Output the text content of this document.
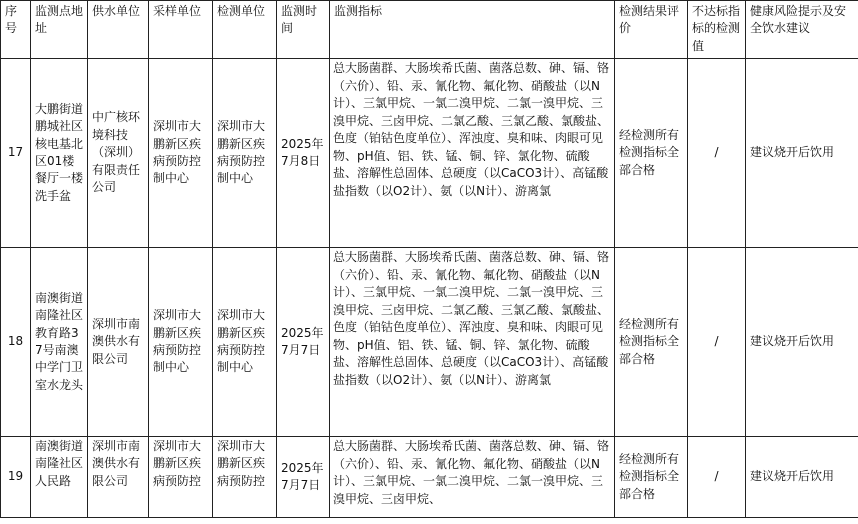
序号	监测点地址	供水单位	采样单位	检测单位	监测时间	监测指标	检测结果评价	不达标指标的检测值	健康风险提示及安全饮水建议
17	大鹏街道鹏城社区核电基北区01楼餐厅一楼洗手盆	中广核环境科技（深圳）有限责任公司	深圳市大鹏新区疾病预防控制中心	深圳市大鹏新区疾病预防控制中心	2025年7月8日	总大肠菌群、大肠埃希氏菌、菌落总数、砷、镉、铬（六价）、铅、汞、氰化物、氟化物、硝酸盐（以N计）、三氯甲烷、一氯二溴甲烷、二氯一溴甲烷、三溴甲烷、三卤甲烷、二氯乙酸、三氯乙酸、氯酸盐、色度（铂钴色度单位）、浑浊度、臭和味、肉眼可见物、pH值、铝、铁、锰、铜、锌、氯化物、硫酸盐、溶解性总固体、总硬度（以CaCO3计）、高锰酸盐指数（以O2计）、氨（以N计）、游离氯	经检测所有检测指标全部合格	/	建议烧开后饮用
18	南澳街道南隆社区教育路37号南澳中学门卫室水龙头	深圳市南澳供水有限公司	深圳市大鹏新区疾病预防控制中心	深圳市大鹏新区疾病预防控制中心	2025年7月7日	总大肠菌群、大肠埃希氏菌、菌落总数、砷、镉、铬（六价）、铅、汞、氰化物、氟化物、硝酸盐（以N计）、三氯甲烷、一氯二溴甲烷、二氯一溴甲烷、三溴甲烷、三卤甲烷、二氯乙酸、三氯乙酸、氯酸盐、色度（铂钴色度单位）、浑浊度、臭和味、肉眼可见物、pH值、铝、铁、锰、铜、锌、氯化物、硫酸盐、溶解性总固体、总硬度（以CaCO3计）、高锰酸盐指数（以O2计）、氨（以N计）、游离氯	经检测所有检测指标全部合格	/	建议烧开后饮用
19	南澳街道南隆社区人民路	深圳市南澳供水有限公司	深圳市大鹏新区疾病预防控	深圳市大鹏新区疾病预防控	2025年7月7日	总大肠菌群、大肠埃希氏菌、菌落总数、砷、镉、铬（六价）、铅、汞、氰化物、氟化物、硝酸盐（以N计）、三氯甲烷、一氯二溴甲烷、二氯一溴甲烷、三溴甲烷、三卤甲烷、	经检测所有检测指标全部合格	/	建议烧开后饮用
